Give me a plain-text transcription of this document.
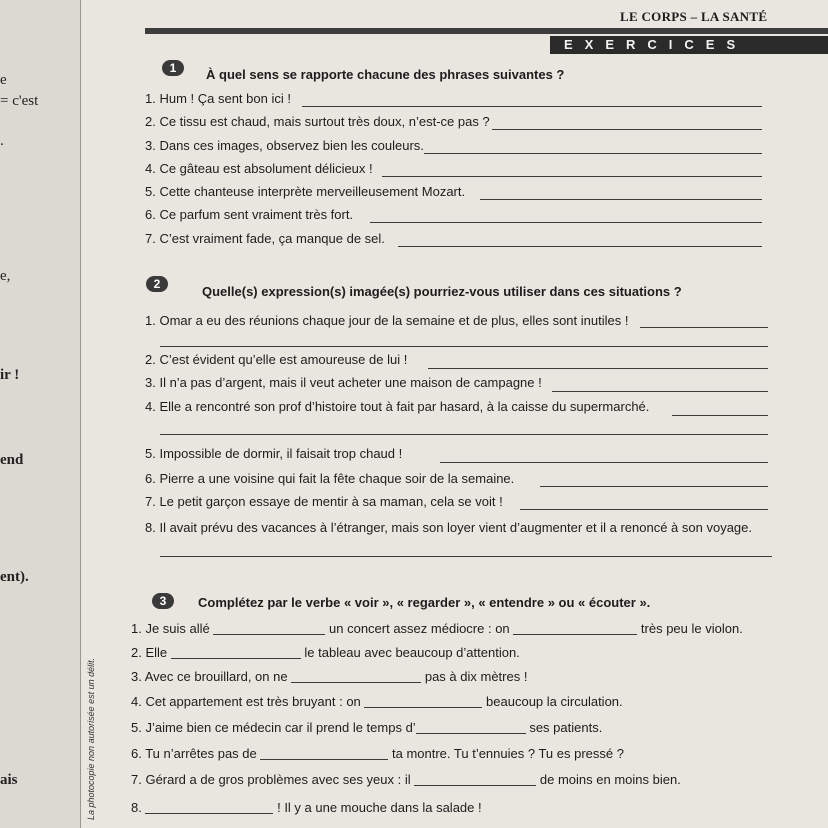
e
= c'est
.
e,
ir !
end
ent).
ais	La photocopie non autorisée est un délit.
LE CORPS – LA SANTÉ
EXERCICES
1	À quel sens se rapporte chacune des phrases suivantes ?
1. Hum ! Ça sent bon ici !
2. Ce tissu est chaud, mais surtout très doux, n’est-ce pas ?
3. Dans ces images, observez bien les couleurs.
4. Ce gâteau est absolument délicieux !
5. Cette chanteuse interprète merveilleusement Mozart.
6. Ce parfum sent vraiment très fort.
7. C’est vraiment fade, ça manque de sel.
2	Quelle(s) expression(s) imagée(s) pourriez-vous utiliser dans ces situations ?
1. Omar a eu des réunions chaque jour de la semaine et de plus, elles sont inutiles !
2. C’est évident qu’elle est amoureuse de lui !
3. Il n’a pas d’argent, mais il veut acheter une maison de campagne !
4. Elle a rencontré son prof d’histoire tout à fait par hasard, à la caisse du supermarché.
5. Impossible de dormir, il faisait trop chaud !
6. Pierre a une voisine qui fait la fête chaque soir de la semaine.
7. Le petit garçon essaye de mentir à sa maman, cela se voit !
8. Il avait prévu des vacances à l’étranger, mais son loyer vient d’augmenter et il a renoncé à son voyage.
3	Complétez par le verbe « voir », « regarder », « entendre » ou « écouter ».
1. Je suis allé	un concert assez médiocre : on	très peu le violon.
2. Elle	le tableau avec beaucoup d’attention.
3. Avec ce brouillard, on ne	pas à dix mètres !
4. Cet appartement est très bruyant : on	beaucoup la circulation.
5. J’aime bien ce médecin car il prend le temps d’	ses patients.
6. Tu n’arrêtes pas de	ta montre. Tu t’ennuies ? Tu es pressé ?
7. Gérard a de gros problèmes avec ses yeux : il	de moins en moins bien.
8.	! Il y a une mouche dans la salade !
